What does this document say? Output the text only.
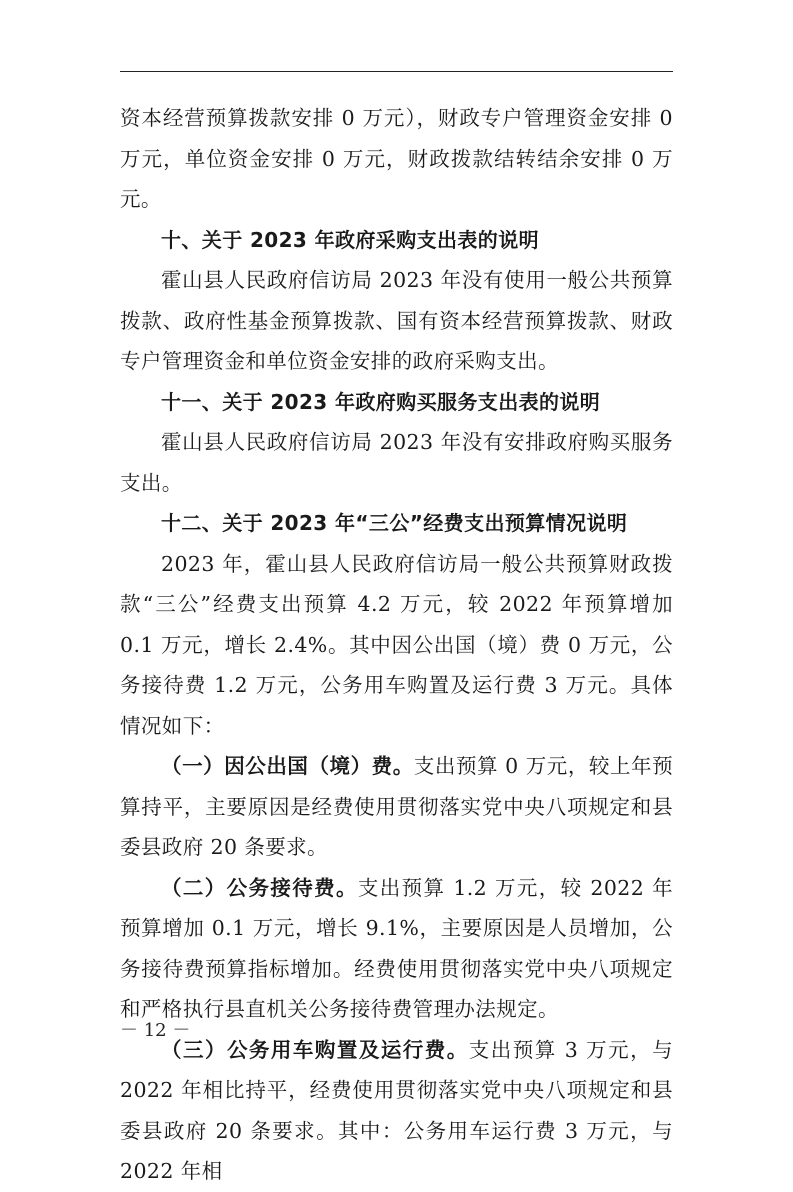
资本经营预算拨款安排 0 万元），财政专户管理资金安排 0 万元，单位资金安排 0 万元，财政拨款结转结余安排 0 万元。

十、关于 2023 年政府采购支出表的说明

霍山县人民政府信访局 2023 年没有使用一般公共预算拨款、政府性基金预算拨款、国有资本经营预算拨款、财政专户管理资金和单位资金安排的政府采购支出。

十一、关于 2023 年政府购买服务支出表的说明

霍山县人民政府信访局 2023 年没有安排政府购买服务支出。

十二、关于 2023 年“三公”经费支出预算情况说明

2023 年，霍山县人民政府信访局一般公共预算财政拨款“三公”经费支出预算 4.2 万元，较 2022 年预算增加 0.1 万元，增长 2.4%。其中因公出国（境）费 0 万元，公务接待费 1.2 万元，公务用车购置及运行费 3 万元。具体情况如下：

（一）因公出国（境）费。支出预算 0 万元，较上年预算持平，主要原因是经费使用贯彻落实党中央八项规定和县委县政府 20 条要求。

（二）公务接待费。支出预算 1.2 万元，较 2022 年预算增加 0.1 万元，增长 9.1%，主要原因是人员增加，公务接待费预算指标增加。经费使用贯彻落实党中央八项规定和严格执行县直机关公务接待费管理办法规定。

（三）公务用车购置及运行费。支出预算 3 万元，与 2022 年相比持平，经费使用贯彻落实党中央八项规定和县委县政府 20 条要求。其中：公务用车运行费 3 万元，与 2022 年相

－ 12 －
